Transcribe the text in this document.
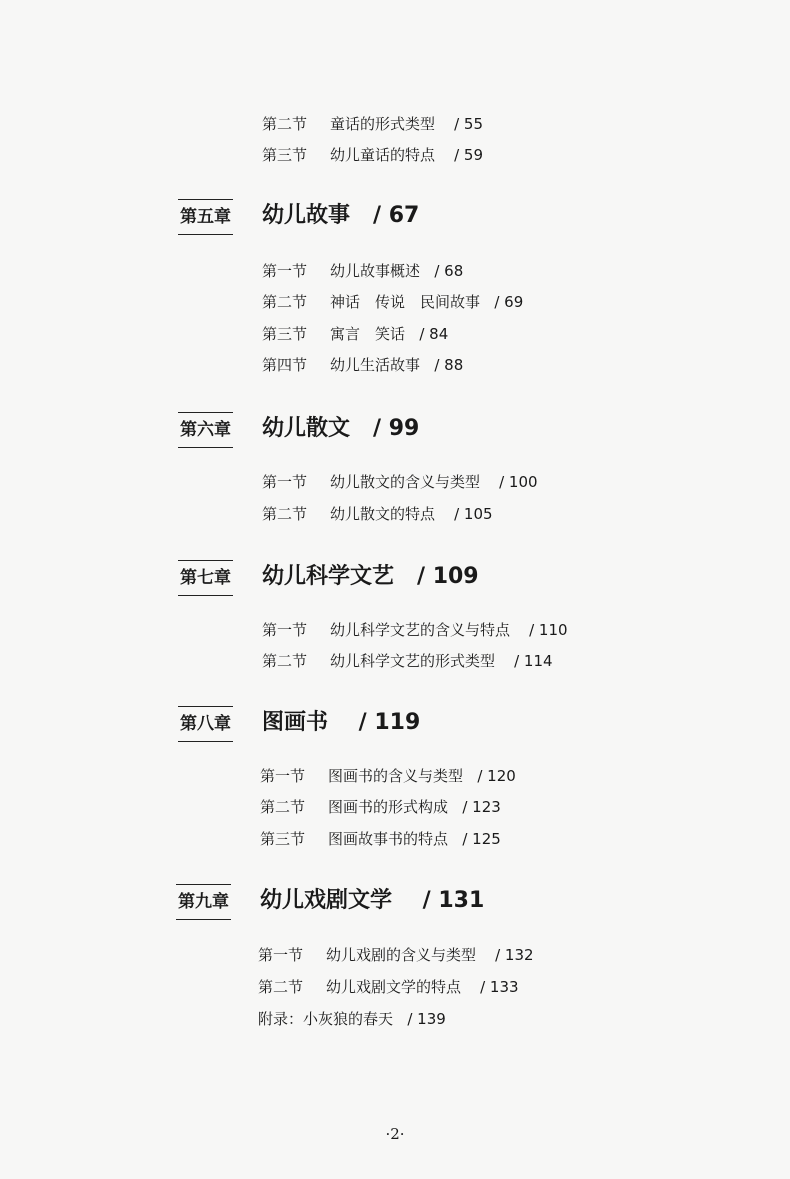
第二节 童话的形式类型 / 55
第三节 幼儿童话的特点 / 59
第五章 幼儿故事 / 67
第一节 幼儿故事概述 / 68
第二节 神话　传说　民间故事 / 69
第三节 寓言　笑话 / 84
第四节 幼儿生活故事 / 88
第六章 幼儿散文 / 99
第一节 幼儿散文的含义与类型 / 100
第二节 幼儿散文的特点 / 105
第七章 幼儿科学文艺 / 109
第一节 幼儿科学文艺的含义与特点 / 110
第二节 幼儿科学文艺的形式类型 / 114
第八章 图画书 / 119
第一节 图画书的含义与类型 / 120
第二节 图画书的形式构成 / 123
第三节 图画故事书的特点 / 125
第九章 幼儿戏剧文学 / 131
第一节 幼儿戏剧的含义与类型 / 132
第二节 幼儿戏剧文学的特点 / 133
附录：小灰狼的春天 / 139
·2·
